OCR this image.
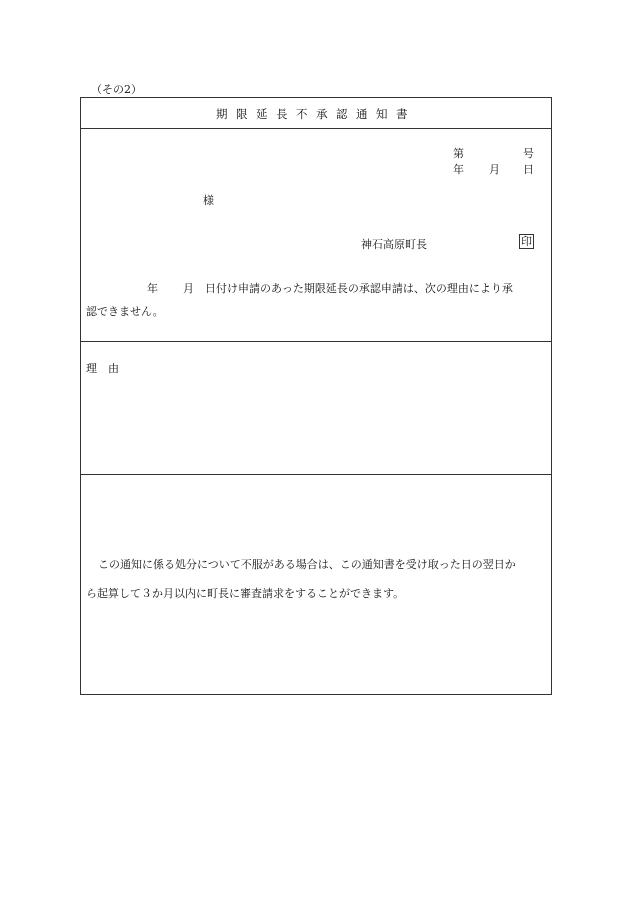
（その2）
期限延長不承認通知書
第	号
年 月 日
様
神石高原町長	印
年 月 日付け申請のあった期限延長の承認申請は、次の理由により承
認できません。
理　由
この通知に係る処分について不服がある場合は、この通知書を受け取った日の翌日か
ら起算して３か月以内に町長に審査請求をすることができます。
